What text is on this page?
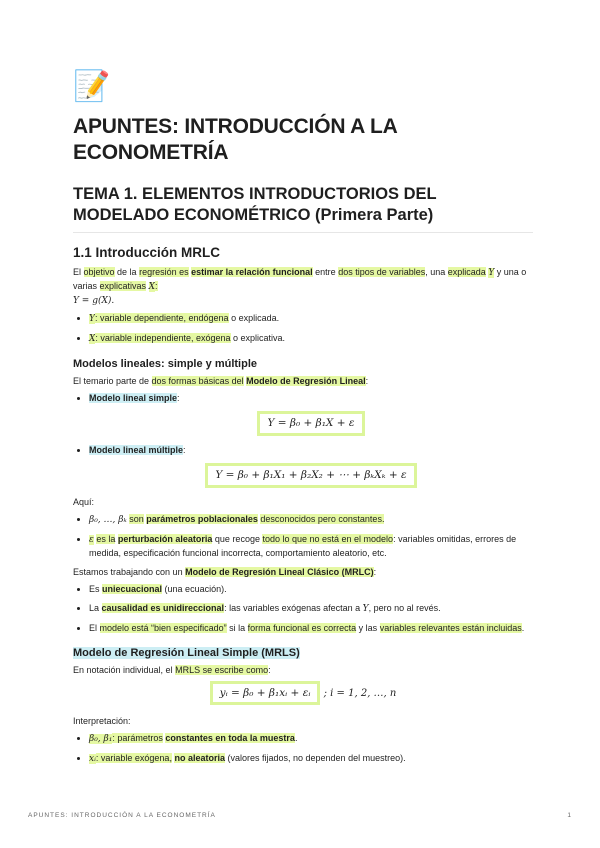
📝
APUNTES: INTRODUCCIÓN A LA ECONOMETRÍA
TEMA 1. ELEMENTOS INTRODUCTORIOS DEL MODELADO ECONOMÉTRICO (Primera Parte)
1.1 Introducción MRLC

El objetivo de la regresión es estimar la relación funcional entre dos tipos de variables, una explicada Y y una o varias explicativas X:
Y = g(X).

• Y: variable dependiente, endógena o explicada.
• X: variable independiente, exógena o explicativa.
Modelos lineales: simple y múltiple

El temario parte de dos formas básicas del Modelo de Regresión Lineal:

• Modelo lineal simple:
Y = β₀ + β₁X + ε
• Modelo lineal múltiple:
Y = β₀ + β₁X₁ + β₂X₂ + ⋯ + βₖXₖ + ε

Aquí:

• β₀, …, βₖ son parámetros poblacionales desconocidos pero constantes.
• ε es la perturbación aleatoria que recoge todo lo que no está en el modelo: variables omitidas, errores de medida, especificación funcional incorrecta, comportamiento aleatorio, etc.

Estamos trabajando con un Modelo de Regresión Lineal Clásico (MRLC):

• Es uniecuacional (una ecuación).
• La causalidad es unidireccional: las variables exógenas afectan a Y, pero no al revés.
• El modelo está “bien especificado” si la forma funcional es correcta y las variables relevantes están incluidas.
Modelo de Regresión Lineal Simple (MRLS)

En notación individual, el MRLS se escribe como:

yᵢ = β₀ + β₁xᵢ + εᵢ ; i = 1, 2, …, n

Interpretación:

• β₀, β₁: parámetros constantes en toda la muestra.
• xᵢ: variable exógena, no aleatoria (valores fijados, no dependen del muestreo).
APUNTES: INTRODUCCIÓN A LA ECONOMETRÍA	1
